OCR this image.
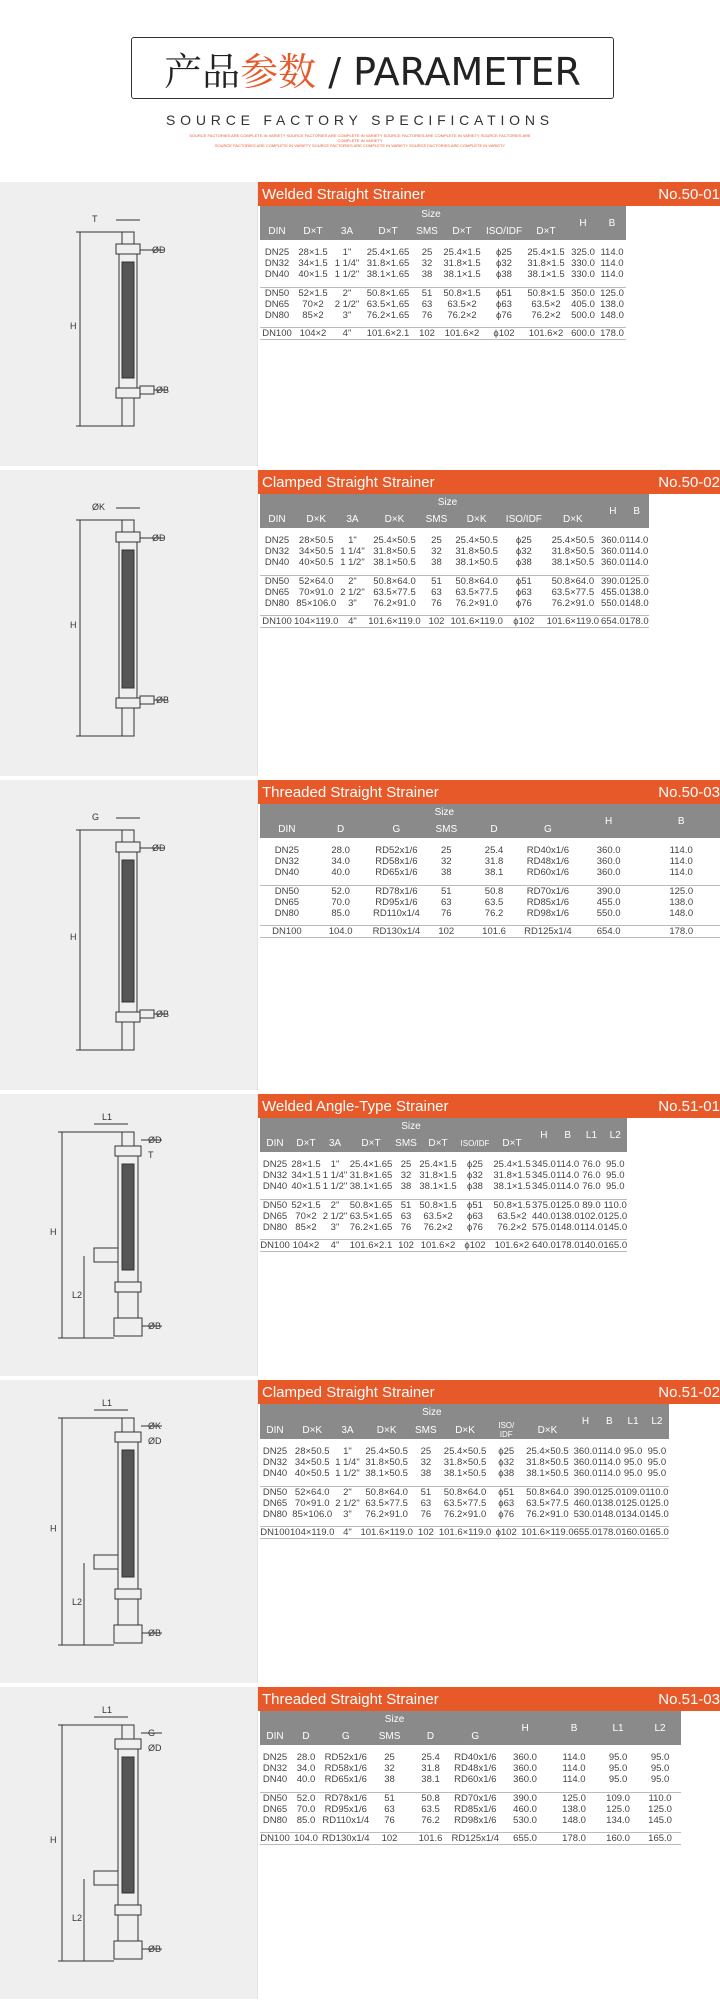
产品参数 / PARAMETER
SOURCE FACTORY SPECIFICATIONS
SOURCE FACTORIES ARE COMPLETE IN VARIETY SOURCE FACTORIES ARE COMPLETE IN VARIETY SOURCE FACTORIES ARE COMPLETE IN VARIETY SOURCE FACTORIES ARE COMPLETE IN VARIETY
SOURCE FACTORIES ARE COMPLETE IN VARIETY SOURCE FACTORIES ARE COMPLETE IN VARIETY SOURCE FACTORIES ARE COMPLETE IN VARIETY
T
ØD
H
ØB
Welded Straight Strainer	No.50-01
	Size							H	B
DIN	D×T	3A	D×T	SMS	D×T	ISO/IDF	D×T		

DN25	28×1.5	1"	25.4×1.65	25	25.4×1.5	ϕ25	25.4×1.5	325.0	114.0
DN32	34×1.5	1 1/4"	31.8×1.65	32	31.8×1.5	ϕ32	31.8×1.5	330.0	114.0
DN40	40×1.5	1 1/2"	38.1×1.65	38	38.1×1.5	ϕ38	38.1×1.5	330.0	114.0

DN50	52×1.5	2"	50.8×1.65	51	50.8×1.5	ϕ51	50.8×1.5	350.0	125.0
DN65	70×2	2 1/2"	63.5×1.65	63	63.5×2	ϕ63	63.5×2	405.0	138.0
DN80	85×2	3"	76.2×1.65	76	76.2×2	ϕ76	76.2×2	500.0	148.0

DN100	104×2	4"	101.6×2.1	102	101.6×2	ϕ102	101.6×2	600.0	178.0
ØK
ØD
H
ØB
Clamped Straight Strainer	No.50-02
	Size							H	B
DIN	D×K	3A	D×K	SMS	D×K	ISO/IDF	D×K		

DN25	28×50.5	1"	25.4×50.5	25	25.4×50.5	ϕ25	25.4×50.5	360.0	114.0
DN32	34×50.5	1 1/4"	31.8×50.5	32	31.8×50.5	ϕ32	31.8×50.5	360.0	114.0
DN40	40×50.5	1 1/2"	38.1×50.5	38	38.1×50.5	ϕ38	38.1×50.5	360.0	114.0

DN50	52×64.0	2"	50.8×64.0	51	50.8×64.0	ϕ51	50.8×64.0	390.0	125.0
DN65	70×91.0	2 1/2"	63.5×77.5	63	63.5×77.5	ϕ63	63.5×77.5	455.0	138.0
DN80	85×106.0	3"	76.2×91.0	76	76.2×91.0	ϕ76	76.2×91.0	550.0	148.0

DN100	104×119.0	4"	101.6×119.0	102	101.6×119.0	ϕ102	101.6×119.0	654.0	178.0
G
ØD
H
ØB
Threaded Straight Strainer	No.50-03
	Size					H	B
DIN	D	G	SMS	D	G		

DN25	28.0	RD52x1/6	25	25.4	RD40x1/6	360.0	114.0
DN32	34.0	RD58x1/6	32	31.8	RD48x1/6	360.0	114.0
DN40	40.0	RD65x1/6	38	38.1	RD60x1/6	360.0	114.0

DN50	52.0	RD78x1/6	51	50.8	RD70x1/6	390.0	125.0
DN65	70.0	RD95x1/6	63	63.5	RD85x1/6	455.0	138.0
DN80	85.0	RD110x1/4	76	76.2	RD98x1/6	550.0	148.0

DN100	104.0	RD130x1/4	102	101.6	RD125x1/4	654.0	178.0
L1
ØD
H
ØB
T
L2
Welded Angle-Type Strainer	No.51-01
	Size							H	B	L1	L2
DIN	D×T	3A	D×T	SMS	D×T	ISO/IDF	D×T				

DN25	28×1.5	1"	25.4×1.65	25	25.4×1.5	ϕ25	25.4×1.5	345.0	114.0	76.0	95.0
DN32	34×1.5	1 1/4"	31.8×1.65	32	31.8×1.5	ϕ32	31.8×1.5	345.0	114.0	76.0	95.0
DN40	40×1.5	1 1/2"	38.1×1.65	38	38.1×1.5	ϕ38	38.1×1.5	345.0	114.0	76.0	95.0

DN50	52×1.5	2"	50.8×1.65	51	50.8×1.5	ϕ51	50.8×1.5	375.0	125.0	89.0	110.0
DN65	70×2	2 1/2"	63.5×1.65	63	63.5×2	ϕ63	63.5×2	440.0	138.0	102.0	125.0
DN80	85×2	3"	76.2×1.65	76	76.2×2	ϕ76	76.2×2	575.0	148.0	114.0	145.0

DN100	104×2	4"	101.6×2.1	102	101.6×2	ϕ102	101.6×2	640.0	178.0	140.0	165.0
L1
ØK
H
ØB
ØD
L2
Clamped Straight Strainer	No.51-02
	Size							H	B	L1	L2
DIN	D×K	3A	D×K	SMS	D×K	ISO/ IDF	D×K				

DN25	28×50.5	1"	25.4×50.5	25	25.4×50.5	ϕ25	25.4×50.5	360.0	114.0	95.0	95.0
DN32	34×50.5	1 1/4"	31.8×50.5	32	31.8×50.5	ϕ32	31.8×50.5	360.0	114.0	95.0	95.0
DN40	40×50.5	1 1/2"	38.1×50.5	38	38.1×50.5	ϕ38	38.1×50.5	360.0	114.0	95.0	95.0

DN50	52×64.0	2"	50.8×64.0	51	50.8×64.0	ϕ51	50.8×64.0	390.0	125.0	109.0	110.0
DN65	70×91.0	2 1/2"	63.5×77.5	63	63.5×77.5	ϕ63	63.5×77.5	460.0	138.0	125.0	125.0
DN80	85×106.0	3"	76.2×91.0	76	76.2×91.0	ϕ76	76.2×91.0	530.0	148.0	134.0	145.0

DN100	104×119.0	4"	101.6×119.0	102	101.6×119.0	ϕ102	101.6×119.0	655.0	178.0	160.0	165.0
L1
G
H
ØB
ØD
L2
Threaded Straight Strainer	No.51-03
	Size					H	B	L1	L2
DIN	D	G	SMS	D	G				

DN25	28.0	RD52x1/6	25	25.4	RD40x1/6	360.0	114.0	95.0	95.0
DN32	34.0	RD58x1/6	32	31.8	RD48x1/6	360.0	114.0	95.0	95.0
DN40	40.0	RD65x1/6	38	38.1	RD60x1/6	360.0	114.0	95.0	95.0

DN50	52.0	RD78x1/6	51	50.8	RD70x1/6	390.0	125.0	109.0	110.0
DN65	70.0	RD95x1/6	63	63.5	RD85x1/6	460.0	138.0	125.0	125.0
DN80	85.0	RD110x1/4	76	76.2	RD98x1/6	530.0	148.0	134.0	145.0

DN100	104.0	RD130x1/4	102	101.6	RD125x1/4	655.0	178.0	160.0	165.0
